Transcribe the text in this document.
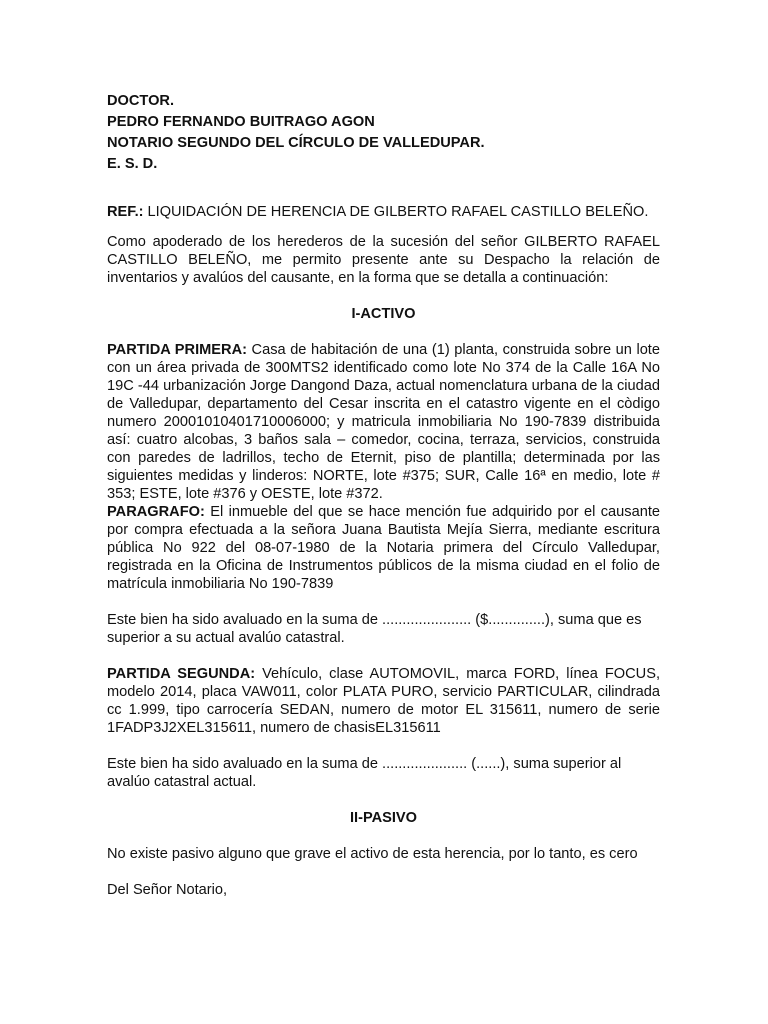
DOCTOR.
PEDRO FERNANDO BUITRAGO AGON
NOTARIO SEGUNDO DEL CÍRCULO DE VALLEDUPAR.
E. S. D.

REF.: LIQUIDACIÓN DE HERENCIA DE GILBERTO RAFAEL CASTILLO BELEÑO.

Como apoderado de los herederos de la sucesión del señor GILBERTO RAFAEL CASTILLO BELEÑO, me permito presente ante su Despacho la relación de inventarios y avalúos del causante, en la forma que se detalla a continuación:

I-ACTIVO

PARTIDA PRIMERA: Casa de habitación de una (1) planta, construida sobre un lote con un área privada de 300MTS2 identificado como lote No 374 de la Calle 16A No 19C -44 urbanización Jorge Dangond Daza, actual nomenclatura urbana de la ciudad de Valledupar, departamento del Cesar inscrita en el catastro vigente en el còdigo numero 20001010401710006000; y matricula inmobiliaria No 190-7839 distribuida así: cuatro alcobas, 3 baños sala – comedor, cocina, terraza, servicios, construida con paredes de ladrillos, techo de Eternit, piso de plantilla; determinada por las siguientes medidas y linderos: NORTE, lote #375; SUR, Calle 16ª en medio, lote # 353; ESTE, lote #376 y OESTE, lote #372.

PARAGRAFO: El inmueble del que se hace mención fue adquirido por el causante por compra efectuada a la señora Juana Bautista Mejía Sierra, mediante escritura pública No 922 del 08-07-1980 de la Notaria primera del Círculo Valledupar, registrada en la Oficina de Instrumentos públicos de la misma ciudad en el folio de matrícula inmobiliaria No 190-7839

Este bien ha sido avaluado en la suma de ...................... ($..............), suma que es superior a su actual avalúo catastral.

PARTIDA SEGUNDA: Vehículo, clase AUTOMOVIL, marca FORD, línea FOCUS, modelo 2014, placa VAW011, color PLATA PURO, servicio PARTICULAR, cilindrada cc 1.999, tipo carrocería SEDAN, numero de motor EL 315611, numero de serie 1FADP3J2XEL315611, numero de chasisEL315611

Este bien ha sido avaluado en la suma de ..................... (......), suma superior al avalúo catastral actual.

II-PASIVO

No existe pasivo alguno que grave el activo de esta herencia, por lo tanto, es cero

Del Señor Notario,
